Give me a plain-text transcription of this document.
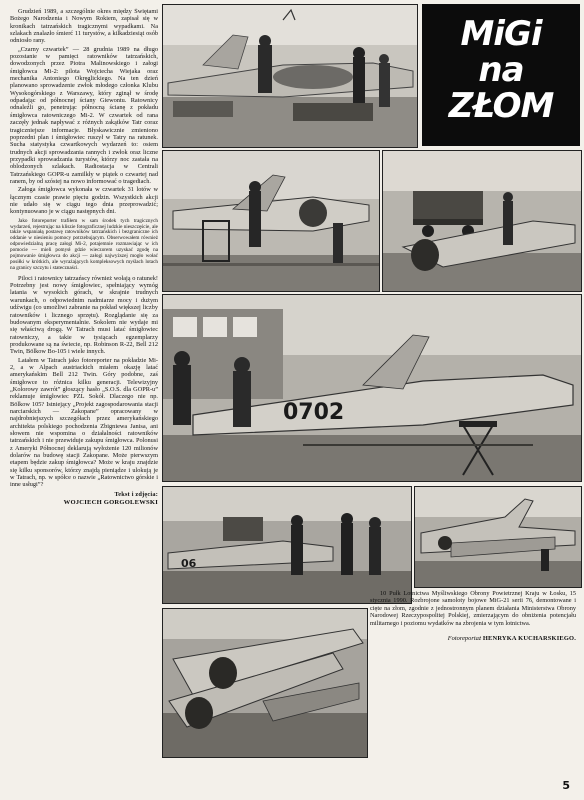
Grudzień 1989, a szczególnie okres między Świętami Bożego Narodzenia i Nowym Rokiem, zapisał się w kronikach tatrzańskich tragicznymi wypadkami. Na szlakach znalazło śmierć 11 turystów, a kilkadziesiąt osób odniosło rany.

„Czarny czwartek” — 28 grudnia 1989 na długo pozostanie w pamięci ratowników tatrzańskich, dowodzonych przez Piotra Malinowskiego i załogi śmigłowca Mi-2: pilota Wojciecha Wiejaka oraz mechanika Antoniego Okręglickiego. Na ten dzień planowano sprowadzenie zwłok młodego członka Klubu Wysokogórskiego z Warszawy, który zginął w środę odpadając od północnej ściany Giewontu. Ratownicy odnaleźli go, penetrując północną ścianę z pokładu śmigłowca ratowniczego Mi-2. W czwartek od rana zaczęły jednak napływać z różnych zakątków Tatr coraz tragiczniejsze informacje. Błyskawicznie zmieniono poprzedni plan i śmigłowiec ruszył w Tatry na ratunek. Sucha statystyka czwartkowych wydarzeń to: osiem trudnych akcji sprowadzania rannych i zwłok oraz liczne przypadki sprowadzania turystów, którzy noc zastała na oblodzonych szlakach. Radiostacja w Centrali Tatrzańskiego GOPR-u zamilkły w piątek o czwartej nad ranem, by od szóstej na nowo informować o tragediach.

Załoga śmigłowca wykonała w czwartek 31 lotów w łącznym czasie prawie pięciu godzin. Wszystkich akcji nie udało się w ciągu tego dnia przeprowadzić; kontynuowano je w ciągu następnych dni.

Jako fotoreporter trafiłem w sam środek tych tragicznych wydarzeń, rejestrując na kliszie fotograficznej ludzkie nieszczęście, ale także wspaniałą postawę ratowników tatrzańskich i bezgraniczne ich oddanie w niesieniu pomocy potrzebującym. Obserwowałem również odpowiedzialną pracę załogi Mi-2, potajemnie rozmawiając w ich pomocie — mieli pomysł gdzie wieczorem uzyskać zgodę na pojmowanie śmigłowca do akcji — załogi najwyższej mogło wołać posiłki w krótkich, ale wyrażających kompleksowych myślach lotach na granicy szczytu i statecznaści.

Piloci i ratownicy tatrzańscy również wołają o ratunek! Potrzebny jest nowy śmigłowiec, spełniający wymóg latania w wysokich górach, w skrajnie trudnych warunkach, o odpowiednim nadmiarze mocy i dużym udźwigu (co umożliwi zabranie na pokład większej liczby ratowników i licznego sprzętu). Rozglądanie się za budowanym eksperymentalnie. Sokolem nie wydaje mi się właściwą drogą. W Tatrach musi latać śmigłowiec ratowniczy, a takie w tysiącach egzemplarzy produkowane są na świecie, np. Robinson R-22, Bell 212 Twin, Bölkow Bo-105 i wiele innych.

Latałem w Tatrach jako fotoreporter na pokładzie Mi-2, a w Alpach austriackich miałem okazję latać amerykańskim Bell 212 Twin. Góry podobne, zaś śmigłowce to różnica kilku generacji. Telewizyjny „Kolorowy zawrót” głoszący hasło „S.O.S. dla GOPR-u” reklamuje śmigłowiec PZL Sokół. Dlaczego nie np. Bölkow 105? Istniejący „Projekt zagospodarowania stacji narciarskich — Zakopane” opracowany w najdrobniejszych szczegółach przez amerykańskiego architekta polskiego pochodzenia Zbigniewa Janisa, ani słowem nie wspomina o działalności ratowników tatrzańskich i nie przewiduje zakupu śmigłowca. Polonusi z Ameryki Północnej deklarują wyłożenie 120 milionów dolarów na budowę stacji Zakopane. Może pierwszym etapem będzie zakup śmigłowca? Może w kraju znajdzie się kilku sponsorów, którzy znajdą pieniądze i ulokują je w Tatrach, np. w spółce o nazwie „Ratownictwo górskie i inne usługi”?

Tekst i zdjęcia:
WOJCIECH GORGOLEWSKI
MiGi
na
ZŁOM
0702
06

10 Pułk Lotnictwa Myśliwskiego Obrony Powietrznej Kraju w Łosku, 15 stycznia 1990. Rozbrojone samoloty bojowe MiG-21 serii 76, demontowane i cięte na złom, zgodnie z jednostronnym planem działania Ministerstwa Obrony Narodowej Rzeczypospolitej Polskiej, zmierzającym do obniżenia potencjału militarnego i poziomu wydatków na zbrojenia w tym lotnictwa.

Fotoreportaż HENRYKA KUCHARSKIEGO.
5
